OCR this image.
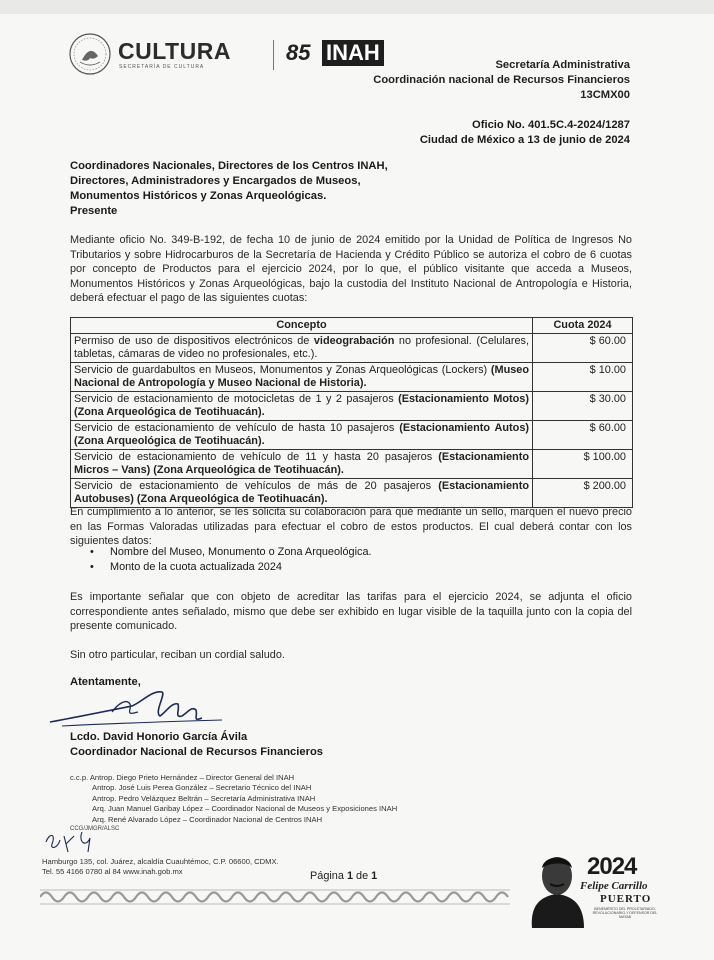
CULTURA
SECRETARÍA DE CULTURA
85 INAH	Secretaría Administrativa
Coordinación nacional de Recursos Financieros
13CMX00
Oficio No. 401.5C.4-2024/1287
Ciudad de México a 13 de junio de 2024
Coordinadores Nacionales, Directores de los Centros INAH,
Directores, Administradores y Encargados de Museos,
Monumentos Históricos y Zonas Arqueológicas.
Presente
Mediante oficio No. 349-B-192, de fecha 10 de junio de 2024 emitido por la Unidad de Política de Ingresos No Tributarios y sobre Hidrocarburos de la Secretaría de Hacienda y Crédito Público se autoriza el cobro de 6 cuotas por concepto de Productos para el ejercicio 2024, por lo que, el público visitante que acceda a Museos, Monumentos Históricos y Zonas Arqueológicas, bajo la custodia del Instituto Nacional de Antropología e Historia, deberá efectuar el pago de las siguientes cuotas:
Concepto	Cuota 2024
Permiso de uso de dispositivos electrónicos de videograbación no profesional. (Celulares, tabletas, cámaras de video no profesionales, etc.).	$ 60.00
Servicio de guardabultos en Museos, Monumentos y Zonas Arqueológicas (Lockers) (Museo Nacional de Antropología y Museo Nacional de Historia).	$ 10.00
Servicio de estacionamiento de motocicletas de 1 y 2 pasajeros (Estacionamiento Motos) (Zona Arqueológica de Teotihuacán).	$ 30.00
Servicio de estacionamiento de vehículo de hasta 10 pasajeros (Estacionamiento Autos) (Zona Arqueológica de Teotihuacán).	$ 60.00
Servicio de estacionamiento de vehículo de 11 y hasta 20 pasajeros (Estacionamiento Micros – Vans) (Zona Arqueológica de Teotihuacán).	$ 100.00
Servicio de estacionamiento de vehículos de más de 20 pasajeros (Estacionamiento Autobuses) (Zona Arqueológica de Teotihuacán).	$ 200.00
En cumplimiento a lo anterior, se les solicita su colaboración para qué mediante un sello, marquen el nuevo precio en las Formas Valoradas utilizadas para efectuar el cobro de estos productos. El cual deberá contar con los siguientes datos:
• Nombre del Museo, Monumento o Zona Arqueológica.
• Monto de la cuota actualizada 2024
Es importante señalar que con objeto de acreditar las tarifas para el ejercicio 2024, se adjunta el oficio correspondiente antes señalado, mismo que debe ser exhibido en lugar visible de la taquilla junto con la copia del presente comunicado.
Sin otro particular, reciban un cordial saludo.
Atentamente,
Lcdo. David Honorio García Ávila
Coordinador Nacional de Recursos Financieros
c.c.p. Antrop. Diego Prieto Hernández – Director General del INAH
Antrop. José Luis Perea González – Secretario Técnico del INAH
Antrop. Pedro Velázquez Beltrán – Secretaría Administrativa INAH
Arq. Juan Manuel Garibay López – Coordinador Nacional de Museos y Exposiciones INAH
Arq. René Alvarado López – Coordinador Nacional de Centros INAH
CCG/JMGR/ALSC
Hamburgo 135, col. Juárez, alcaldía Cuauhtémoc, C.P. 06600, CDMX.
Tel. 55 4166 0780 al 84 www.inah.gob.mx	Página 1 de 1	2024
Felipe Carrillo
PUERTO
BENEMÉRITO DEL PROLETARIADO, REVOLUCIONARIO Y DEFENSOR DEL MAYAB
